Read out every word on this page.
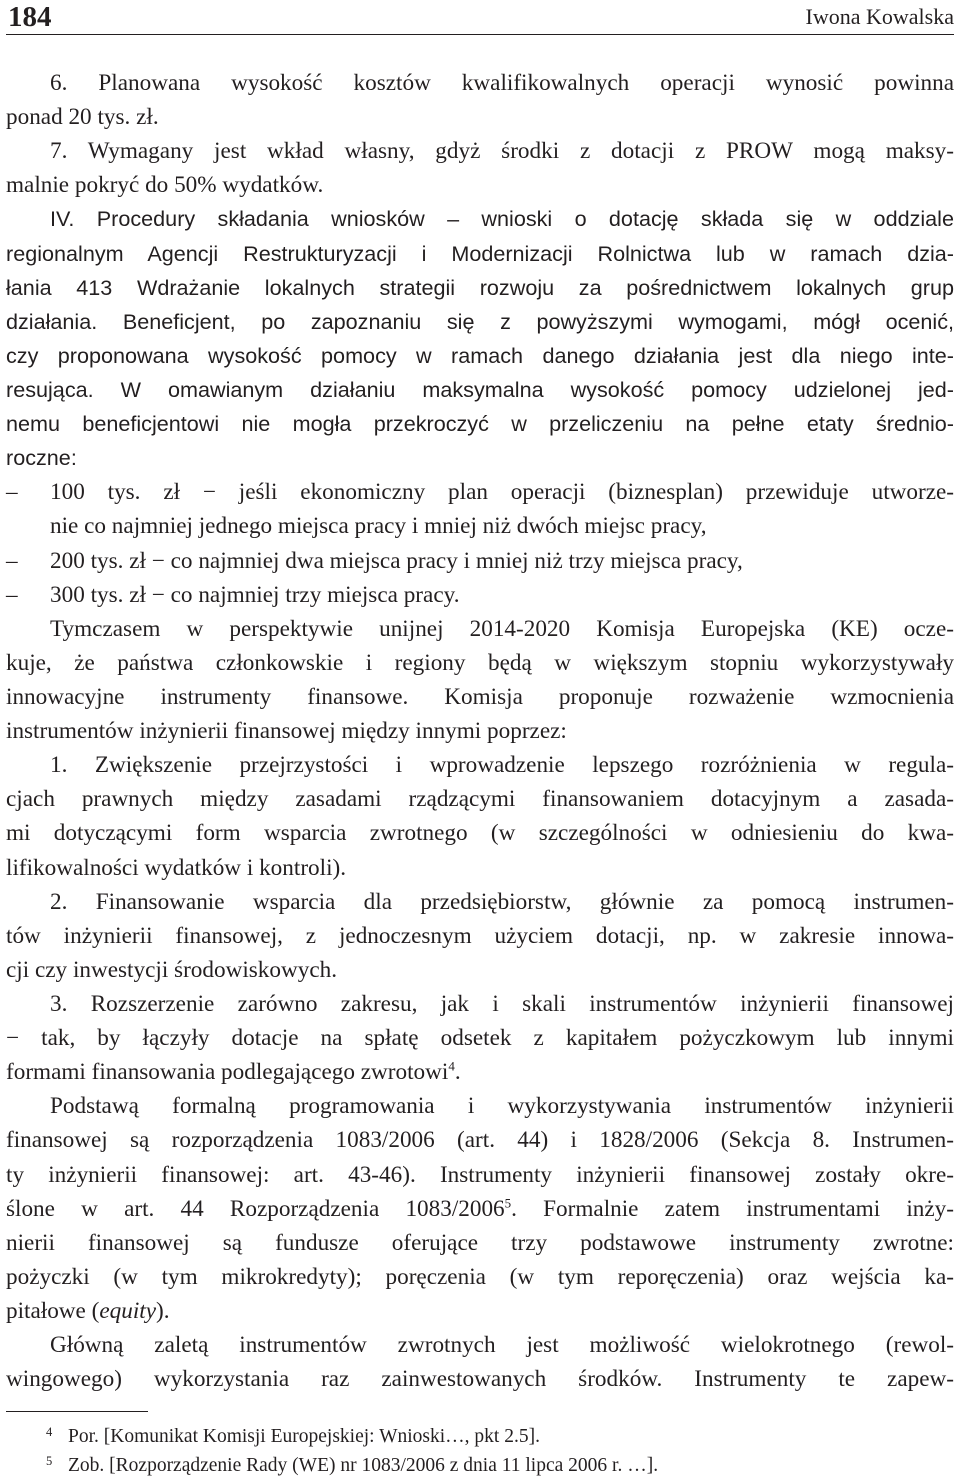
184	Iwona Kowalska
6. Planowana wysokość kosztów kwalifikowalnych operacji wynosić powinna
ponad 20 tys. zł.
7. Wymagany jest wkład własny, gdyż środki z dotacji z PROW mogą maksy-
malnie pokryć do 50% wydatków.
IV. Procedury składania wniosków – wnioski o dotację składa się w oddziale
regionalnym Agencji Restrukturyzacji i Modernizacji Rolnictwa lub w ramach dzia-
łania 413 Wdrażanie lokalnych strategii rozwoju za pośrednictwem lokalnych grup
działania. Beneficjent, po zapoznaniu się z powyższymi wymogami, mógł ocenić,
czy proponowana wysokość pomocy w ramach danego działania jest dla niego inte-
resująca. W omawianym działaniu maksymalna wysokość pomocy udzielonej jed-
nemu beneficjentowi nie mogła przekroczyć w przeliczeniu na pełne etaty średnio-
roczne:
– 100 tys. zł − jeśli ekonomiczny plan operacji (biznesplan) przewiduje utworze-
nie co najmniej jednego miejsca pracy i mniej niż dwóch miejsc pracy,
– 200 tys. zł − co najmniej dwa miejsca pracy i mniej niż trzy miejsca pracy,
– 300 tys. zł − co najmniej trzy miejsca pracy.
Tymczasem w perspektywie unijnej 2014-2020 Komisja Europejska (KE) ocze-
kuje, że państwa członkowskie i regiony będą w większym stopniu wykorzystywały
innowacyjne instrumenty finansowe. Komisja proponuje rozważenie wzmocnienia
instrumentów inżynierii finansowej między innymi poprzez:
1. Zwiększenie przejrzystości i wprowadzenie lepszego rozróżnienia w regula-
cjach prawnych między zasadami rządzącymi finansowaniem dotacyjnym a zasada-
mi dotyczącymi form wsparcia zwrotnego (w szczególności w odniesieniu do kwa-
lifikowalności wydatków i kontroli).
2. Finansowanie wsparcia dla przedsiębiorstw, głównie za pomocą instrumen-
tów inżynierii finansowej, z jednoczesnym użyciem dotacji, np. w zakresie innowa-
cji czy inwestycji środowiskowych.
3. Rozszerzenie zarówno zakresu, jak i skali instrumentów inżynierii finansowej
− tak, by łączyły dotacje na spłatę odsetek z kapitałem pożyczkowym lub innymi
formami finansowania podlegającego zwrotowi$^4$.
Podstawą formalną programowania i wykorzystywania instrumentów inżynierii
finansowej są rozporządzenia 1083/2006 (art. 44) i 1828/2006 (Sekcja 8. Instrumen-
ty inżynierii finansowej: art. 43-46). Instrumenty inżynierii finansowej zostały okre-
ślone w art. 44 Rozporządzenia 1083/2006$^5$. Formalnie zatem instrumentami inży-
nierii finansowej są fundusze oferujące trzy podstawowe instrumenty zwrotne:
pożyczki (w tym mikrokredyty); poręczenia (w tym reporęczenia) oraz wejścia ka-
pitałowe (equity).
Główną zaletą instrumentów zwrotnych jest możliwość wielokrotnego (rewol-
wingowego) wykorzystania raz zainwestowanych środków. Instrumenty te zapew-
4 Por. [Komunikat Komisji Europejskiej: Wnioski…, pkt 2.5].
5 Zob. [Rozporządzenie Rady (WE) nr 1083/2006 z dnia 11 lipca 2006 r. …].
